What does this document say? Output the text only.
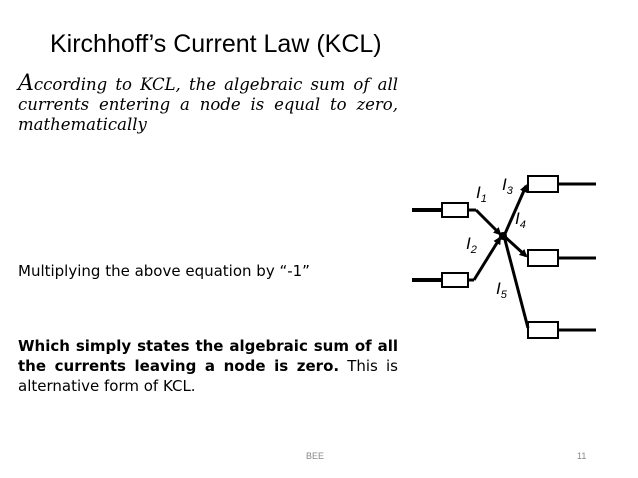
Kirchhoff’s Current Law (KCL)
According to KCL, the algebraic sum of all currents entering a node is equal to zero, mathematically
Multiplying the above equation by “-1”
Which simply states the algebraic sum of all the currents leaving a node is zero. This is alternative form of KCL.
$I_1$
$I_3$
$I_4$
$I_2$
$I_5$
BEE	11
